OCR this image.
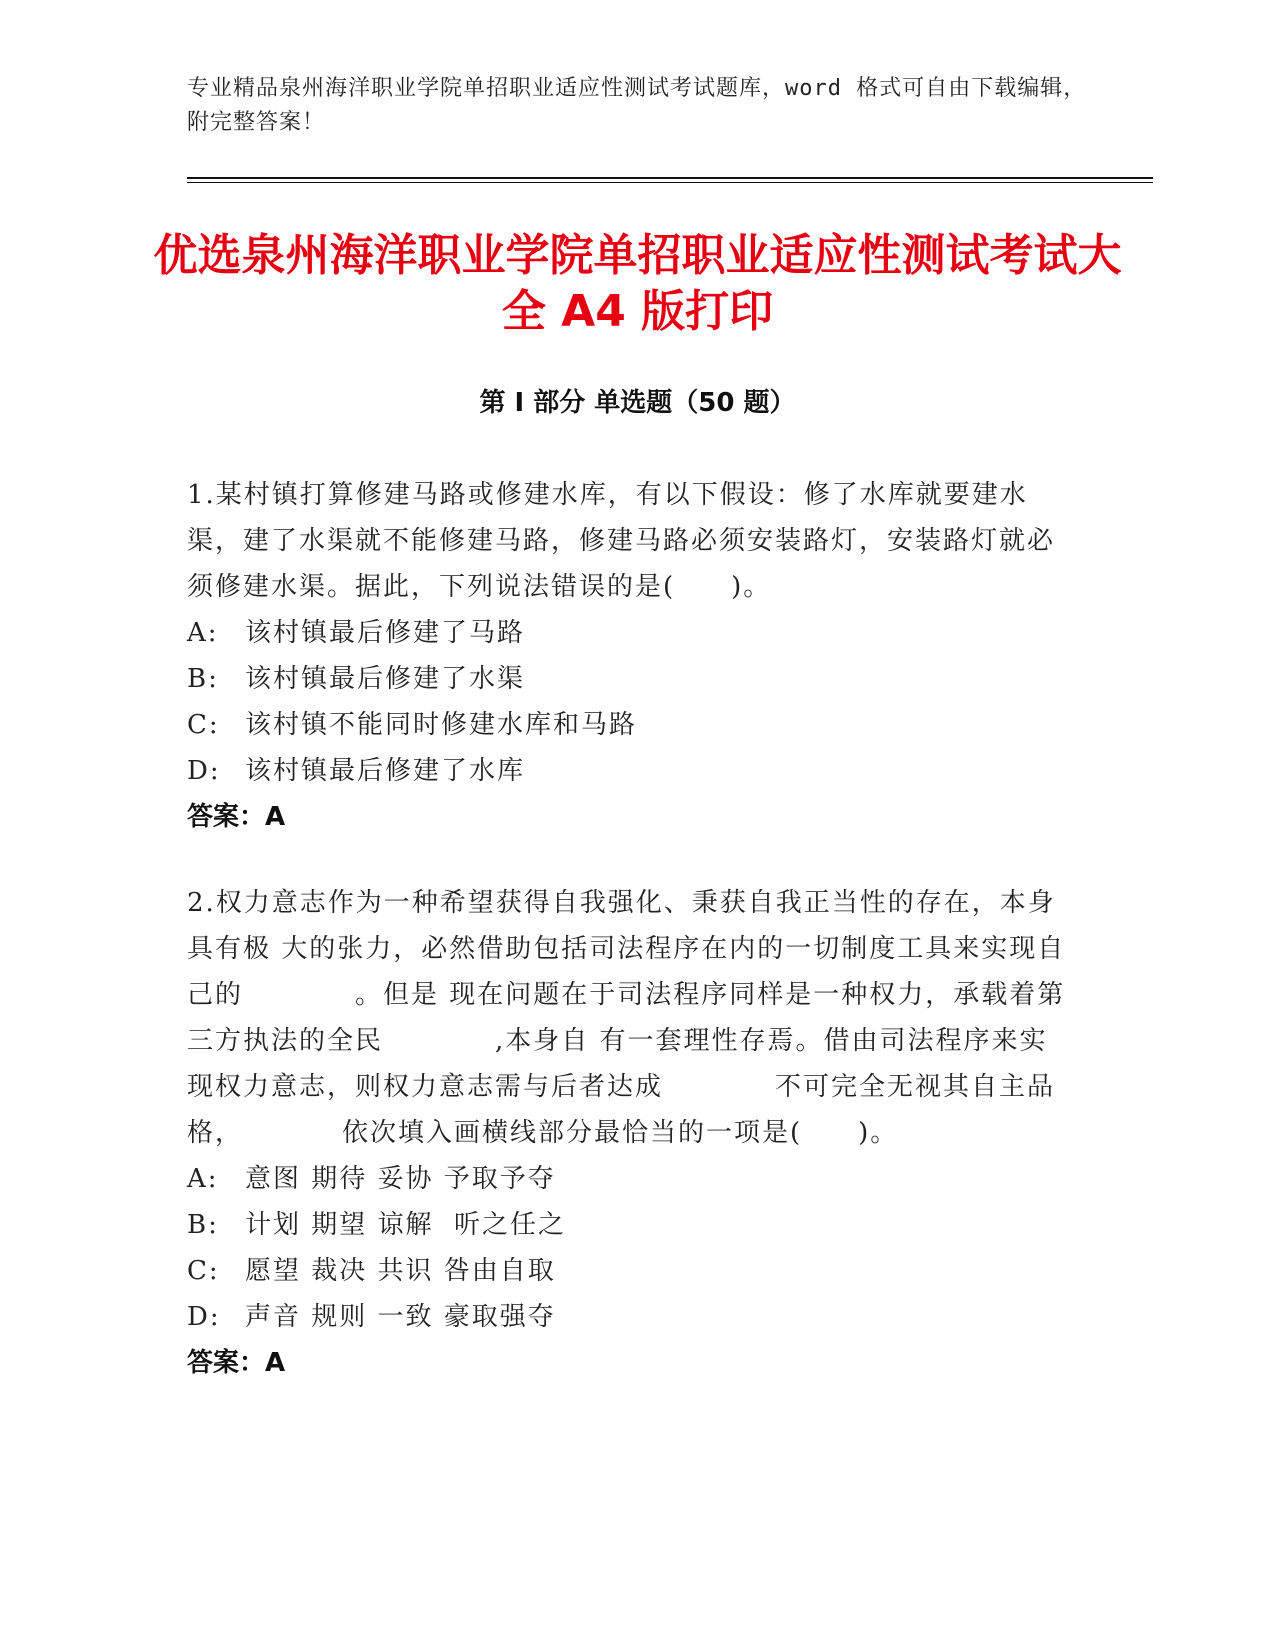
专业精品泉州海洋职业学院单招职业适应性测试考试题库，word 格式可自由下载编辑，附完整答案！
优选泉州海洋职业学院单招职业适应性测试考试大全 A4 版打印
第 I 部分 单选题（50 题）
1.某村镇打算修建马路或修建水库，有以下假设：修了水库就要建水渠，建了水渠就不能修建马路，修建马路必须安装路灯，安装路灯就必须修建水渠。据此，下列说法错误的是(　　)。
A: 该村镇最后修建了马路
B: 该村镇最后修建了水渠
C: 该村镇不能同时修建水库和马路
D: 该村镇最后修建了水库
答案：A
2.权力意志作为一种希望获得自我强化、秉获自我正当性的存在，本身具有极 大的张力，必然借助包括司法程序在内的一切制度工具来实现自己的　　　　。但是 现在问题在于司法程序同样是一种权力，承载着第三方执法的全民　　　　,本身自 有一套理性存焉。借由司法程序来实现权力意志，则权力意志需与后者达成　　　　不可完全无视其自主品格，　　　　依次填入画横线部分最恰当的一项是(　　)。
A: 意图 期待 妥协 予取予夺
B: 计划 期望 谅解  听之任之
C: 愿望 裁决 共识 咎由自取
D: 声音 规则 一致 豪取强夺
答案：A
